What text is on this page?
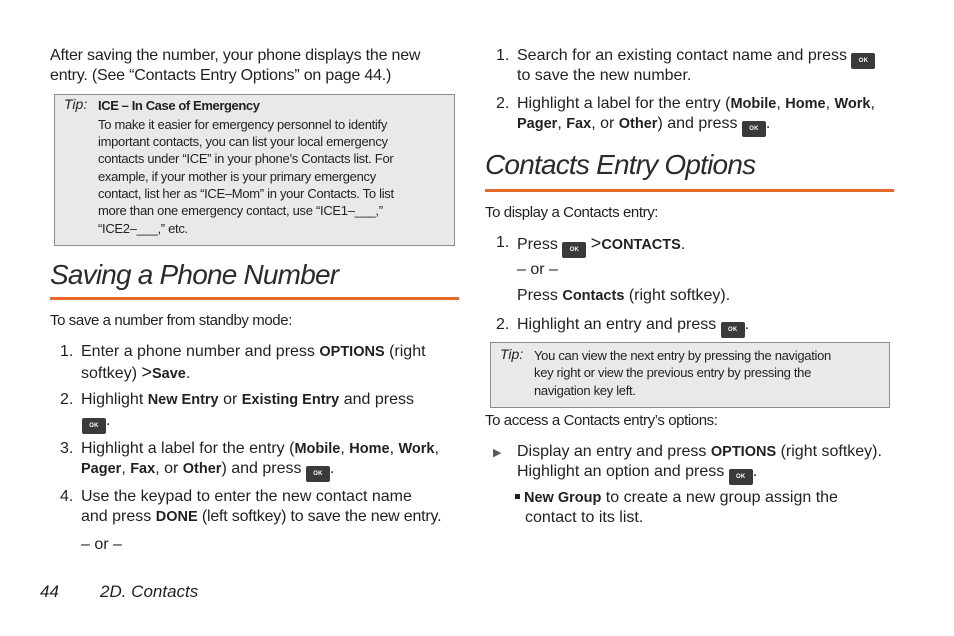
After saving the number, your phone displays the new entry. (See “Contacts Entry Options” on page 44.)
Tip: ICE – In Case of Emergency
To make it easier for emergency personnel to identify
important contacts, you can list your local emergency
contacts under “ICE” in your phone’s Contacts list. For
example, if your mother is your primary emergency
contact, list her as “ICE–Mom” in your Contacts. To list
more than one emergency contact, use “ICE1–___,”
“ICE2–___,” etc.
Saving a Phone Number
To save a number from standby mode:
1. Enter a phone number and press OPTIONS (right
softkey) >Save.
2. Highlight New Entry or Existing Entry and press
OK .
3. Highlight a label for the entry (Mobile, Home, Work,
Pager, Fax, or Other) and press OK .
4. Use the keypad to enter the new contact name
and press DONE (left softkey) to save the new entry.
– or –
1. Search for an existing contact name and press OK
to save the new number.
2. Highlight a label for the entry (Mobile, Home, Work,
Pager, Fax, or Other) and press OK .
Contacts Entry Options
To display a Contacts entry:
1. Press OK >CONTACTS.
– or –
Press Contacts (right softkey).
2. Highlight an entry and press OK .
Tip: You can view the next entry by pressing the navigation
key right or view the previous entry by pressing the
navigation key left.
To access a Contacts entry’s options:
▶ Display an entry and press OPTIONS (right softkey).
Highlight an option and press OK .
New Group to create a new group assign the
contact to its list.
44 2D. Contacts
